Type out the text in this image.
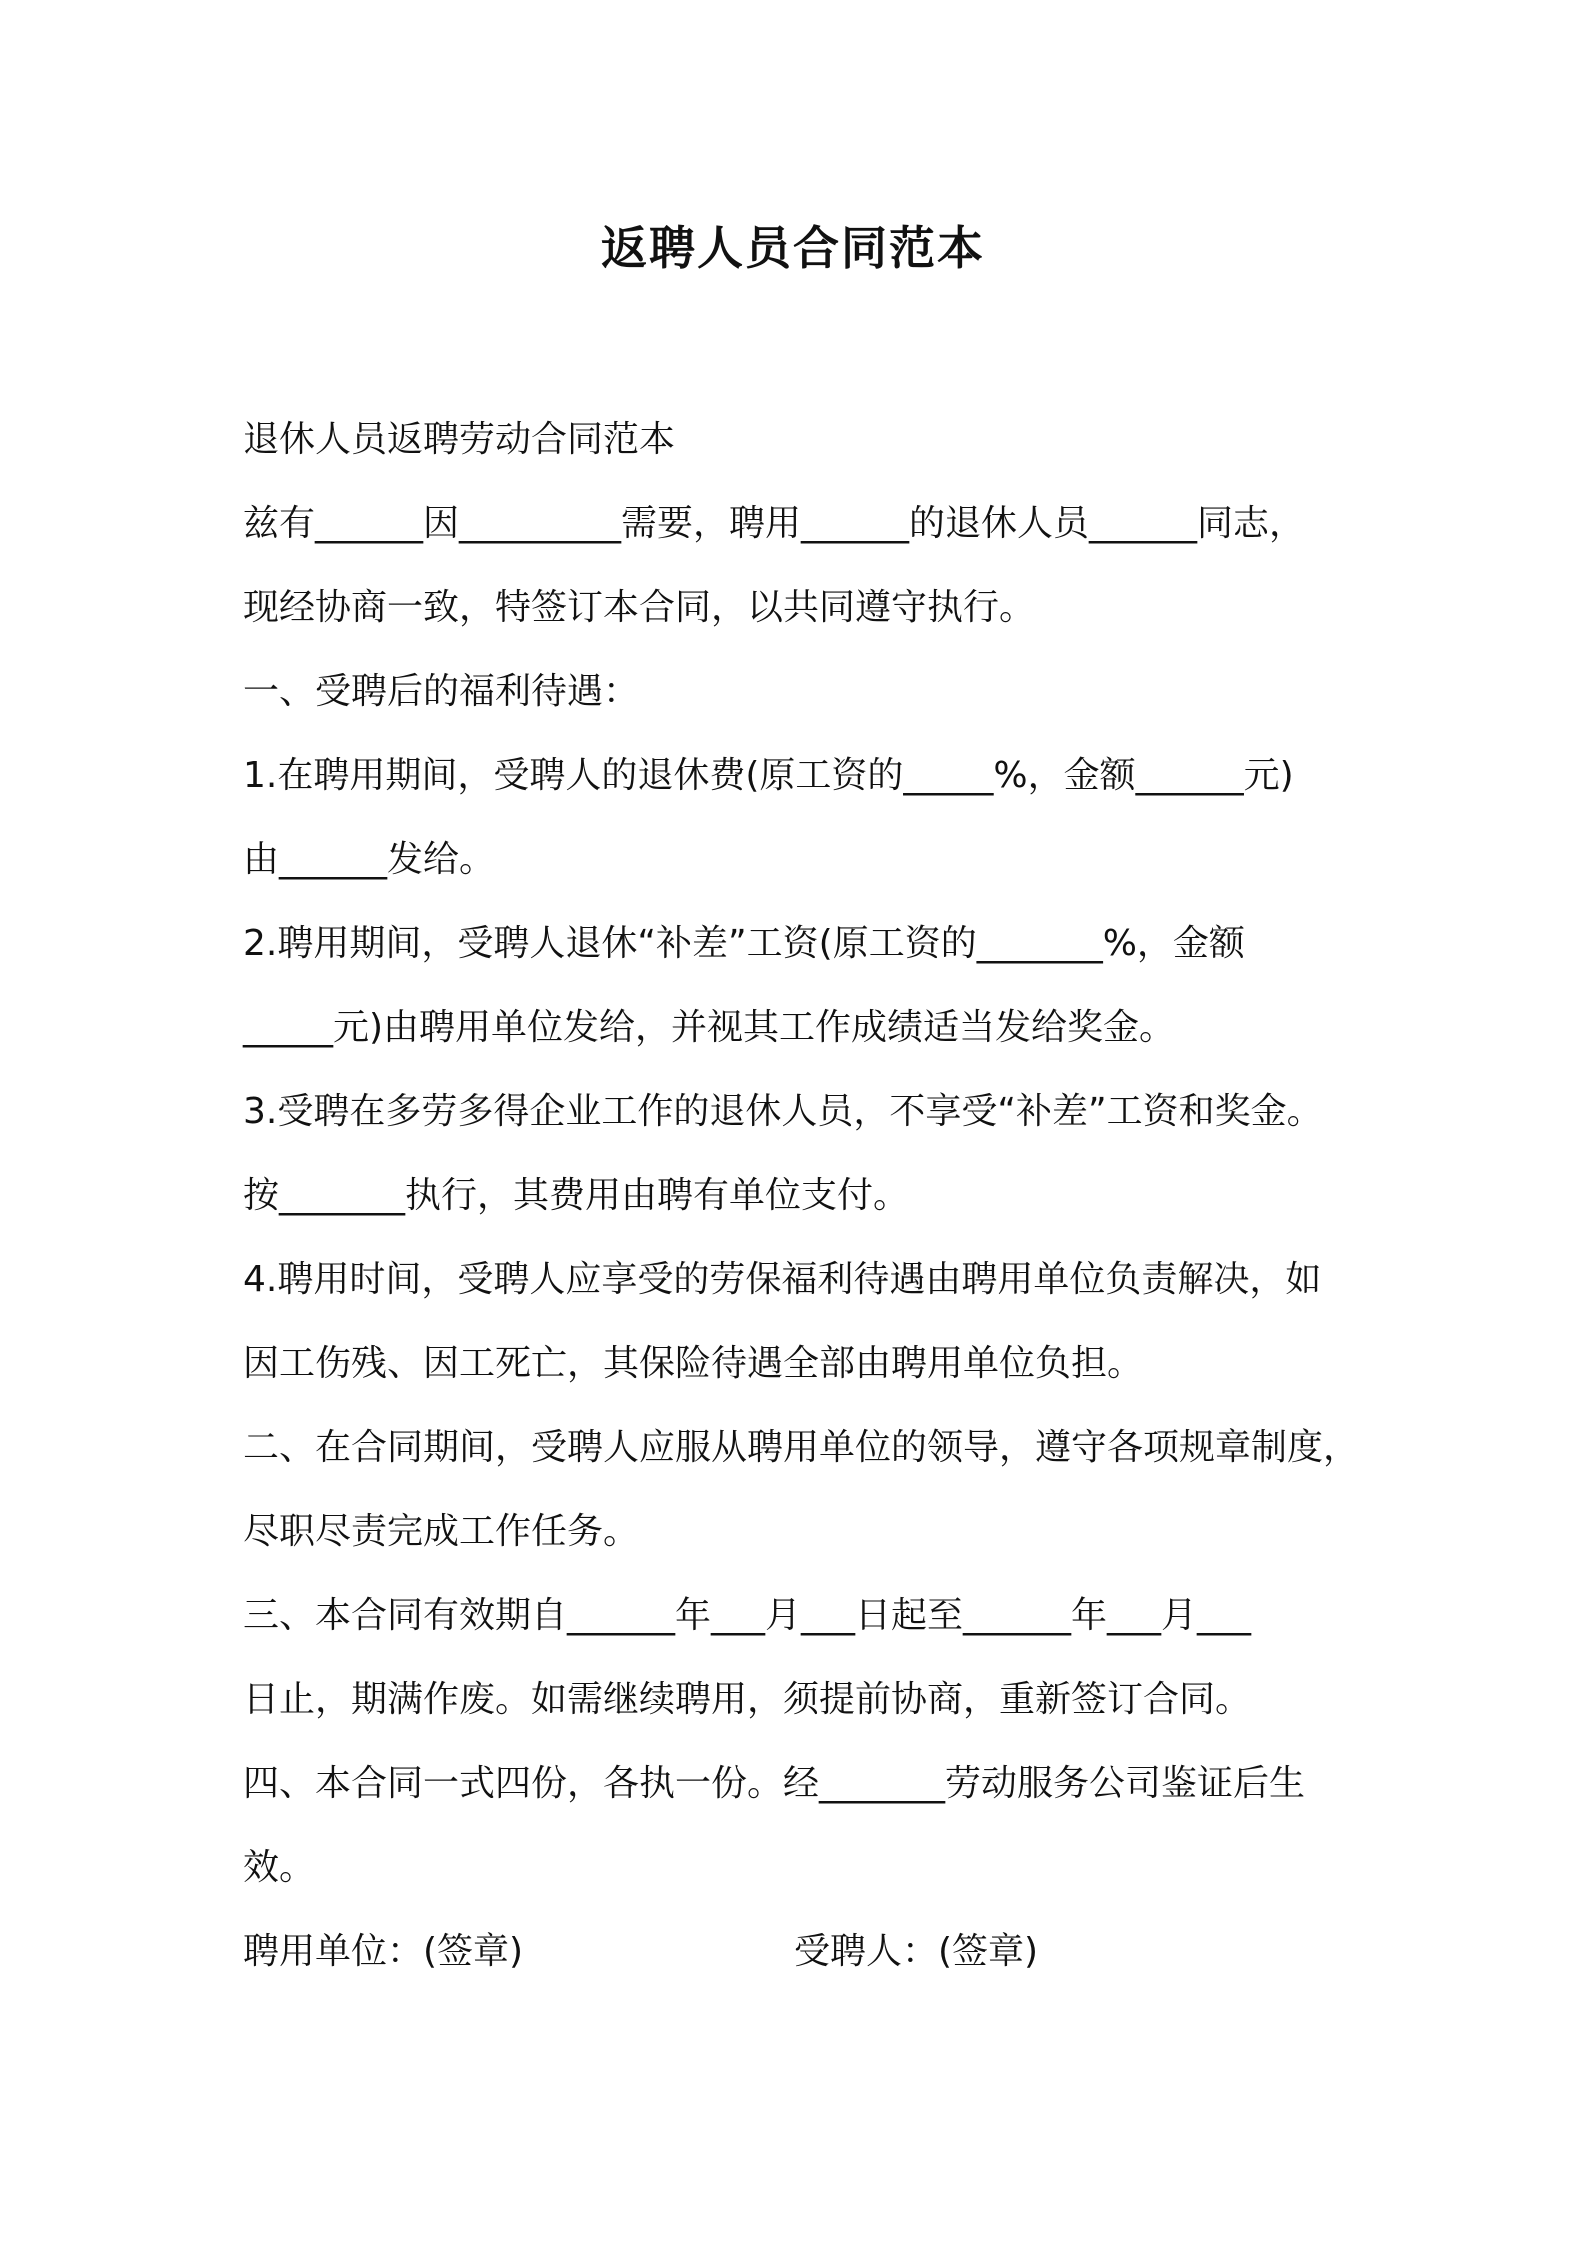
返聘人员合同范本

退休人员返聘劳动合同范本

兹有______因_________需要，聘用______的退休人员______同志，

现经协商一致，特签订本合同，以共同遵守执行。

一、受聘后的福利待遇：

1.在聘用期间，受聘人的退休费(原工资的_____%，金额______元)

由______发给。

2.聘用期间，受聘人退休“补差”工资(原工资的_______%，金额

_____元)由聘用单位发给，并视其工作成绩适当发给奖金。

3.受聘在多劳多得企业工作的退休人员，不享受“补差”工资和奖金。

按_______执行，其费用由聘有单位支付。

4.聘用时间，受聘人应享受的劳保福利待遇由聘用单位负责解决，如

因工伤残、因工死亡，其保险待遇全部由聘用单位负担。

二、在合同期间，受聘人应服从聘用单位的领导，遵守各项规章制度，

尽职尽责完成工作任务。

三、本合同有效期自______年___月___日起至______年___月___

日止，期满作废。如需继续聘用，须提前协商，重新签订合同。

四、本合同一式四份，各执一份。经_______劳动服务公司鉴证后生

效。

聘用单位：(签章)	受聘人：(签章)
